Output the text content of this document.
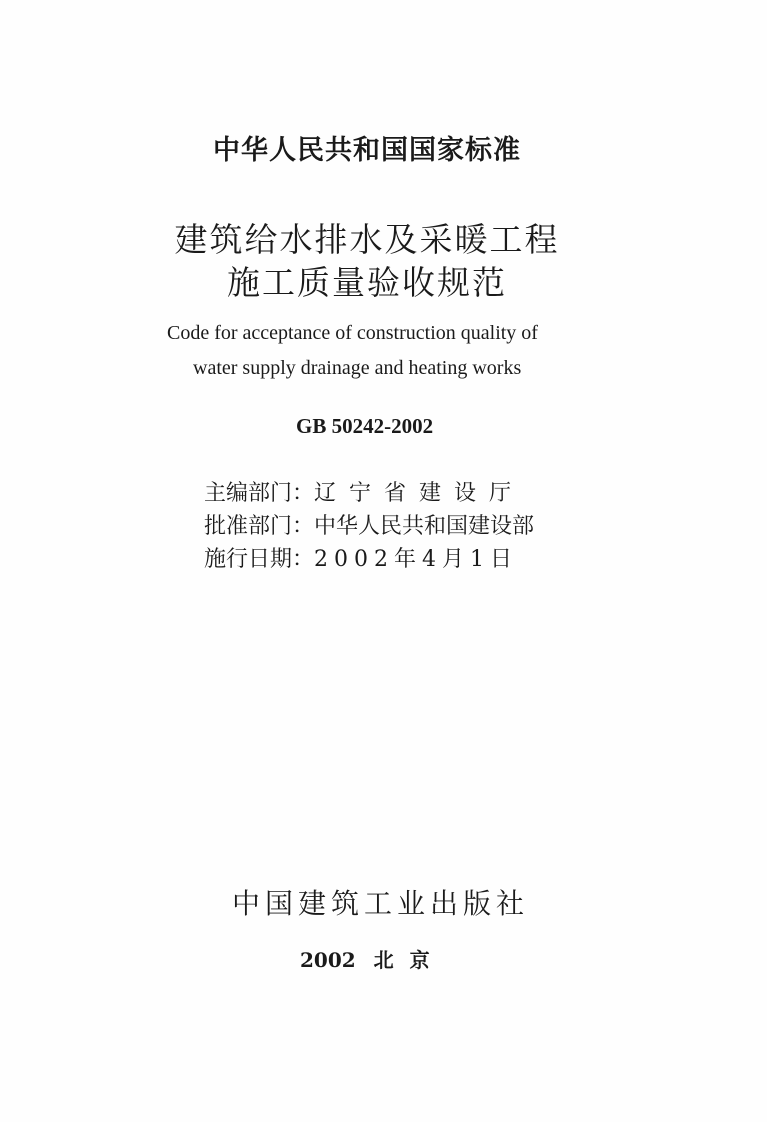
中华人民共和国国家标准
建筑给水排水及采暖工程
施工质量验收规范
Code for acceptance of construction quality of
water supply drainage and heating works
GB 50242-2002
主编部门：辽宁省建设厅
批准部门：中华人民共和国建设部
施行日期：2002年4月1日
中国建筑工业出版社
2002 北京
